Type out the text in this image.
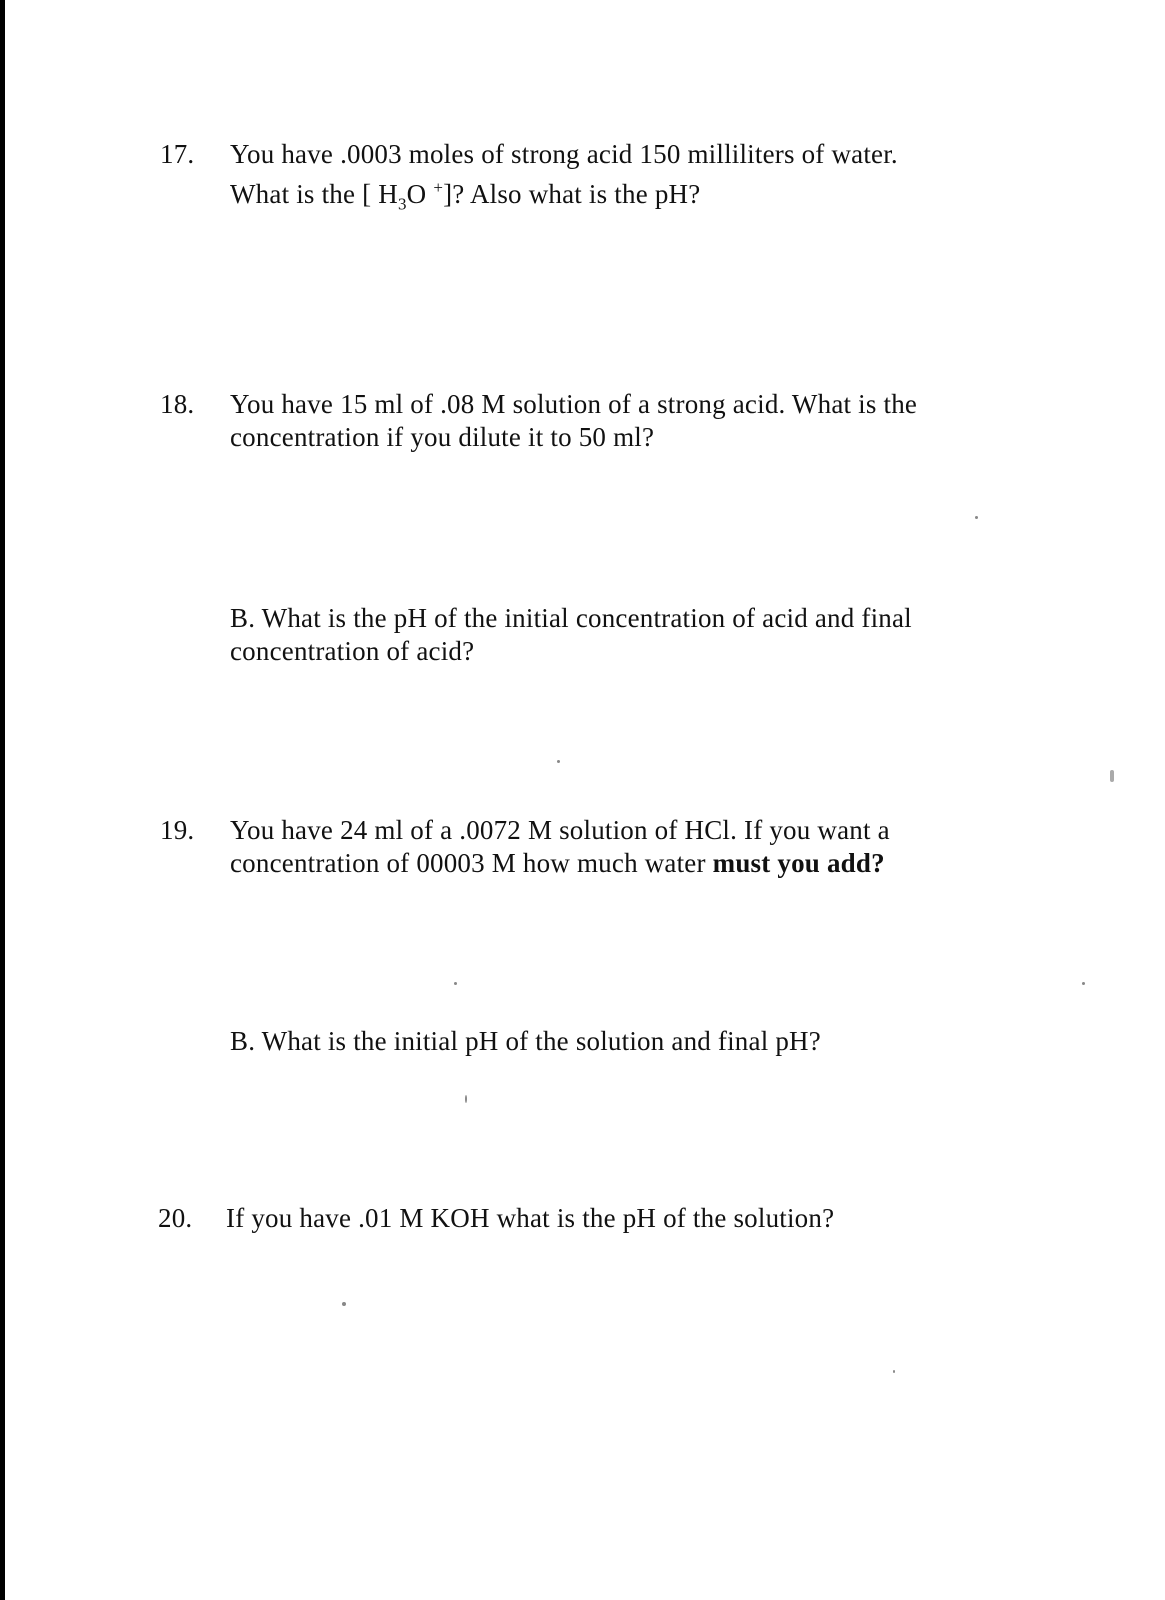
17.	You have .0003 moles of strong acid 150 milliliters of water.
What is the [ $H_3O$ +]? Also what is the pH?
18.	You have 15 ml of .08 M solution of a strong acid. What is the
concentration if you dilute it to 50 ml?
B. What is the pH of the initial concentration of acid and final
concentration of acid?
19.	You have 24 ml of a .0072 M solution of HCl. If you want a
concentration of 00003 M how much water must you add?
B. What is the initial pH of the solution and final pH?
20.	If you have .01 M KOH what is the pH of the solution?
